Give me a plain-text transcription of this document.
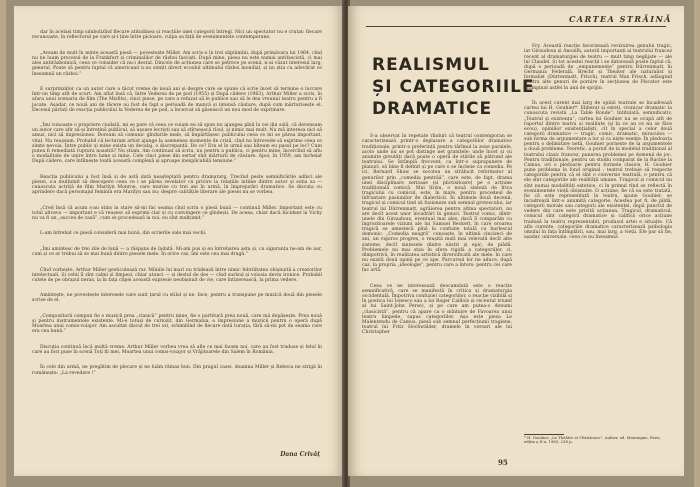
dar în același timp simbolizînd fîecare atitudinea și reacțiile unei categorii întregi. Nici un spectator nu e crutat: fiecare recunoaște, în reflectorul pe care și-l ține între picioare, culpa sa față de evenimentele contemporane.

„Aveam de mult în minte această piesă — povestește Miller. Am scris-o în trei săptămîni, după primăvara lui 1964, cînd nu ne luam procesul de la Frankfurt și criminalilor de război fasciști. După mine, piesa nu este numai antifascistă, ci mai ales antirăzboinică, ceea ce consider că nu-i destul. Dincolo de acțiunea care se petrece pe scenă, n-ai văzut interesul larg, general. Poate să pentru faptul că americanii n-au simțit direct ecoulul ultimului război mondial, și nu știu cu adevărat ce înseamnă un război.”

E surprinzător ca un autor care a tăcut vreme de nouă ani și despre care se spune că scrie încet să termine o lucrare într-un timp atît de scurt. Am aflat însă că, între Vederea de pe pod (1955) și După cădere (1963), Arthur Miller a scris, în afara unui scenariu de film (The Misfits), cinci piese, pe care a refuzat să le publice sau să le dea vreunui teatru pentru a fi jucate. Așadar, ce nouă ani de tăcere au fost de fapt o perioadă de muncă și intensă căutare, după cum mărturisește el. Decesul părinți de reacția publicului la Vederea de pe pod, a încercat să găsească un nou mod de exprimare.

„Îmi cunoaște o propriere ciudată, mi se pare că ceea ce voiam eu să spun nu ajungea pînă la cei din sală, că deveneam un autor care afir să-și întrețină publicul, să ușoare lecriști sau să stîrnească rîsul, și nimic mai mult. Nu mă interesa nici să amuz, nici să impresionez. Doream să comunic gîndurile mele, să împărtășesc publicului ceea ce mi se părea important, vital. Nu reușeam. Probabil că lecturam artist ajunge la asemenea momente de criză, cînd nu întrevede să exprime ceea ce simte nevoia. Între public și mine exista un decalaj, o discrepanță. De ce? Era el în urmă sau bîteam eu pasul pe loc? Cum putea fi remediată ruptura noastră? Nu știam. Am continuat să scriu, nu pentru a publica, ci pentru mine, încercînd să aflu o modalitate de unire între lume și mine. Cele cinci piese din sertar sînt mărturii de căutare. Apoi, în 1959, am încheiat După cădere, care întîlnește toată această complexă și aproape inexplicabilă tensiune.”

Reacția publicului a fost însă și de astă dată neașteptată pentru dramaturg. Trecînd peste semnificările adînci ale piesei, s-a mulțumit să descopere ceea ce i se părea revelator cu privire la relațiile intime dintre autor și soția sa — cunoscuta actriță de film Marilyn Monroe, care murise cu trei ani în urmă, în împrejurări dramatice. Se discuta cu aprindere dacă personajul feminin era Marilyn sau nu; despre calitățile literare ale piesei nu se vorbea.

„Cred însă că acum s-au stins in stare să-mi fac seama cînd scriu o piesă bună — continuă Miller. Important este cu totul altceva — important e că reușesc să exprimi clar și cu convingere ce gîndești. De aceea, chiar dacă Incident la Vichy nu va fi un „succes de casă”, cum se procedează la noi, eu sînt mulțumit.”

L-am întrebat ce piesă consideră mai bună, din scrierile sale mai vechi.

„Îmi amintesc de trei zile de lună — a răspuns de îndată. Mi-am pus și eu întrebarea asta și, cu siguranța ne-am de aur, cum și ce ar trebui să se mai bună dintre piesele mele. În orice caz, îmi este cea mai dragă.”

Cînd vorbește, Arthur Miller gesticulează rar. Mîinile lui mari nu trădează între nimic febrilitatea obișnuită a creatorilor intelectuali. Și cehii îl sînt calmi și limpezi, chiar atunci — și destul de des — cînd surîsul și voiosia devin ironice. Probabil cutele de pe obrazul neras, ia în fața clipei această expresie neobișnuit de vie, care întinerească, la prima vedere.

Amintește, ne povestește interesele care sunt țarul cu stilul și ne, face, pentru a transpune pe muzică două din piesele scrise de el.

„Compozitorii compun fie o muzică prea „clasică” pentru mine, fie o partitură prea nouă, care mă depășește. Prea nouă și pentru instrumentele existente. Mi-e totuși de curiozit, din Germania, o impresiune a muzicii pentru o operă după Moartea unui comis-voiajor. Am ascultat discul de trei ori, schimbînd de fiecare dată turația, fără să-mi pot da seama care era cea bună.”

Discuția continuă încă multă vreme. Arthur Miller vorbea vrea să afle ce mai facem noi, care au fost traduse și felul în care au fost puse în scenă Toți fii mei, Moartea unui comis-voiajor și Vrăjitoarele din Salem în România.

În cele din urmă, ne pregătim de plecare și ne luăm rămas bun. Din pragul casei, doamna Miller și Rebeca ne strigă în românește: „La revedere !”

Dana Crivăț
CARTEA STRĂINĂ
REALISMUL
ȘI CATEGORIILE
DRAMATICE

S-a observat în repetate rînduri că teatrul contemporan se caracterizează printr-o deplasare a categoriilor dramatice tradiționale, printr-o preferință pentru tărîmul la zone paralele, acolo unde nu se pot distinge net granițele; unde încet și cu anumite greutăți dacă poate o operă de stările să pătrund ale teatrului. Se întîmplă frecvent, ca într-o suprapunere de planuri, să bine fi definit și pe care o se încheie ca comedia. Pe ici, Bernard Shaw se socotea un strălucit reformator al genurilor prin „comedia pentrăă”, care este, de fapt, drama unei disciplinare serioase (și plictisitoare) pe o acțiune tradițională comică. Mai tîrziu, o nouă sinteză de frica tragicului cu comicul, este, în mare, pentru procedeul de înfruntare pasiunilor de dialecticii. În ultimele două decenii, tragicul și comicul tind să fuzioneze sub semnul grotescului, iar teatrul lui Dürrenmatt, agrăierea pentru altina spectatori, nu are decît acest unor încadrări în genuri. Teatrul comic, dintr-unele din Giraudoux, eventual mai ales, dacă îl comparăm cu îngrozitoarele viziuni ale lui Samuel Beckett, în care oroarea tragică se amestecă pînă la confuzie totală cu burlescul demonic. „Comedia neagră” cunoaște, în ultimii cincizeci de ani, un vigoros progres, o reușită mult mai relevată decît alte sisteme, decît sintezele dintre năstri și epic, de piădă. Problemele nu mai stau în sfera rigidă a categoriilor, ci, dimpotrivă, în realitatea artistică diversificată ale mele. în care nu există două opinii pe ce ape. Parcursul lor ne aduce, după caz, la propria „ideologie”, pentru care a întors: pentru cei care fac artă.

Ceea ce ne interesează deocamdată este o reacție semnificativă, care se manifestă în critica și dramaturgia occidentală. Împotriva confuziei categoriilor, o reacție vizibilă și în poetica lui Ionesco sau a lui Roger Caillois și recentul triumf al lui Saint-John Perse), și pe care am putea-o denumi „clasicistă”, pentru că apare ca o mîntuire de Favoarea unui teatru limpede, supus categoriilor. Așa este piesa Le Malentendu de Camus, piesă sub semnul perfecțiunii tragiene, teatrul lui Fritz Hochwälder, dramele în versuri ale lui Christopher

Fry. Această reacție favorizează revizuirea genului tragic, iar Giraudoux și Anouilh, autorii importanți ai teatrului francez recent al dramaturgiei de teatru — mult timp neglijate — ale lui Claudel. Și tot acestei reacții i se datorează poate faptul că, după o perioadă de „empunemente” pentru Dürrenmatt, în Germania Federală, Brecht și Theater ale naturalist și formalist (Dürrenmatt, Frisch), teatrul Max Frisch, adăugind pentru alte genuri de pornire în secțiunea de Piscator este întîmpinat astfel în anii de sprijin.

În acest curent mai larg de opinii teatrale se încadrează cartea lui H. Gouhier*. Eliberat și esteti, cronicar dramatic la cunoscuta revistă „La Table Ronde”. Intitulată, semnificativ, „Teatrul și existența”, cartea lui Gouhier nu se ocupă atît de raportul dintre teatru și realitate (și în ce au ce nu se făce ecou), opiniilor existențialiști, cît în special a celor două categorii dramatice — tragic, comic, dramatic, miraculos — sub forma de argumentare a lor și ca niște esențe. În pledoaria pentru o delimitare netă, Gouhier pornește de la argumentele a două probleme. Teoretic, a pornit de la modelul tradițional al teatrului clasic francez, punerea problemei pe domenii de joc. Pentru tradiționale, pentru un studiu comparat de la Racine la Camus, ori o pledoarie pentru formele clasice, H. Gouhier pune problema în fond original : teatrul trebuie să respecte categoriile pentru că el sînt o conversie teatrală, o pentru că ele sînt categoriile ale realității umane. Tragicul și comicul nu sînt numai modalități estetice, ci în primul rînd se reflectă în evenimentele vieții obișnuite. O acțiune, fie că ea este tratată, fie că este reprezentată în teatru, spune Gouhier, se încadrează într-o anumită categorie. Acestea pot fi, de pildă, categorii morale sau categorii ale existenței, după punctul de vedere din care este privită acțiunea. Tragicul, dramaticul, comicul sînt categorii dramatice și califică orice acțiune tradusă la teatru reprezentabil, produsul artei e situație. Că aflu curente, categoriile dramatice caracterizează psihologia omului în fața întîmplării, sau, mai larg, a vieții. Ele par să fie, așadar, universale, ceea ce nu înseamnă

* H. Gouhier, „Le Théâtre et l'Existence”, Aubier, ed. Montaigne, Paris, ediția a II-a, 1963, 238 p.
95
